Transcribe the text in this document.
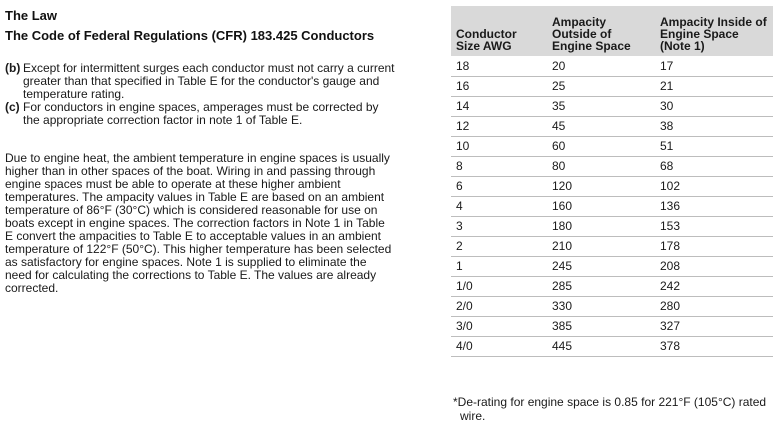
The Law

The Code of Federal Regulations (CFR) 183.425 Conductors

(b) Except for intermittent surges each conductor must not carry a current greater than that specified in Table E for the conductor's gauge and temperature rating.
(c) For conductors in engine spaces, amperages must be corrected by the appropriate correction factor in note 1 of Table E.

Due to engine heat, the ambient temperature in engine spaces is usually higher than in other spaces of the boat. Wiring in and passing through engine spaces must be able to operate at these higher ambient temperatures. The ampacity values in Table E are based on an ambient temperature of 86°F (30°C) which is considered reasonable for use on boats except in engine spaces. The correction factors in Note 1 in Table E convert the ampacities to Table E to acceptable values in an ambient temperature of 122°F (50°C). This higher temperature has been selected as satisfactory for engine spaces. Note 1 is supplied to eliminate the need for calculating the corrections to Table E. The values are already corrected.

Conductor Size AWG	Ampacity Outside of Engine Space	Ampacity Inside of Engine Space (Note 1)
18	20	17
16	25	21
14	35	30
12	45	38
10	60	51
8	80	68
6	120	102
4	160	136
3	180	153
2	210	178
1	245	208
1/0	285	242
2/0	330	280
3/0	385	327
4/0	445	378

*De-rating for engine space is 0.85 for 221°F (105°C) rated wire.
